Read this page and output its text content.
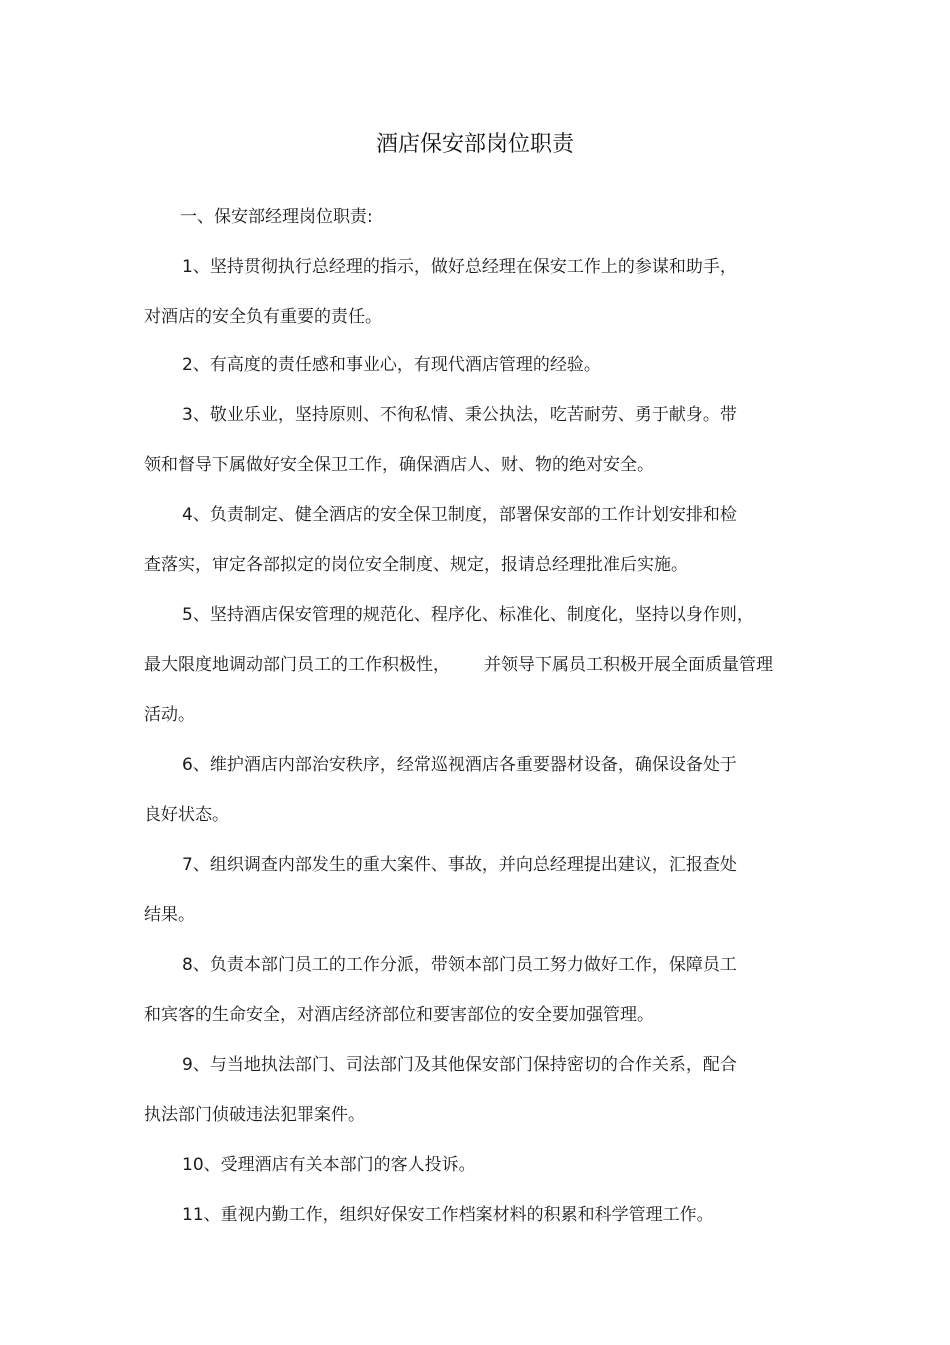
酒店保安部岗位职责
一、保安部经理岗位职责:
1、坚持贯彻执行总经理的指示，做好总经理在保安工作上的参谋和助手，
对酒店的安全负有重要的责任。
2、有高度的责任感和事业心，有现代酒店管理的经验。
3、敬业乐业，坚持原则、不徇私情、秉公执法，吃苦耐劳、勇于献身。带
领和督导下属做好安全保卫工作，确保酒店人、财、物的绝对安全。
4、负责制定、健全酒店的安全保卫制度，部署保安部的工作计划安排和检
查落实，审定各部拟定的岗位安全制度、规定，报请总经理批准后实施。
5、坚持酒店保安管理的规范化、程序化、标准化、制度化，坚持以身作则，
最大限度地调动部门员工的工作积极性， 并领导下属员工积极开展全面质量管理
活动。
6、维护酒店内部治安秩序，经常巡视酒店各重要器材设备，确保设备处于
良好状态。
7、组织调查内部发生的重大案件、事故，并向总经理提出建议，汇报查处
结果。
8、负责本部门员工的工作分派，带领本部门员工努力做好工作，保障员工
和宾客的生命安全，对酒店经济部位和要害部位的安全要加强管理。
9、与当地执法部门、司法部门及其他保安部门保持密切的合作关系，配合
执法部门侦破违法犯罪案件。
10、受理酒店有关本部门的客人投诉。
11、重视内勤工作，组织好保安工作档案材料的积累和科学管理工作。
